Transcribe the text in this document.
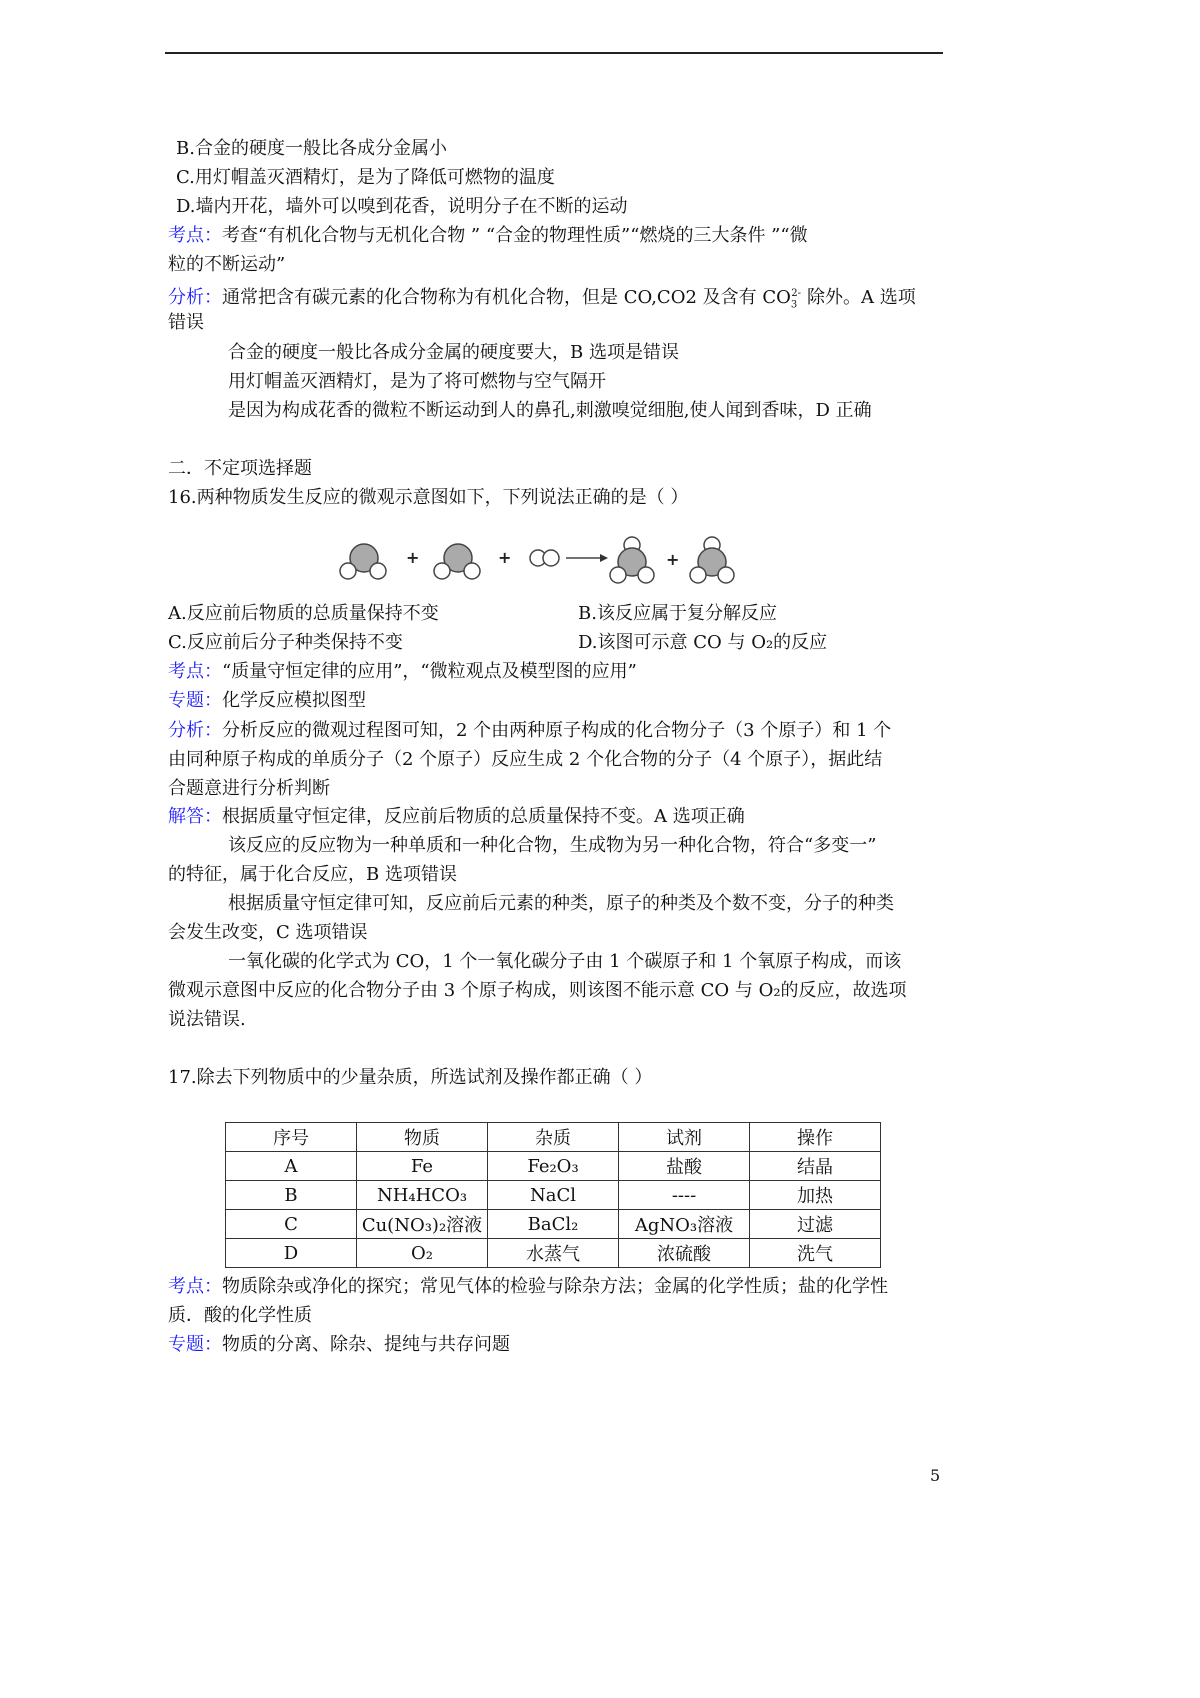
B.合金的硬度一般比各成分金属小
C.用灯帽盖灭酒精灯，是为了降低可燃物的温度
D.墙内开花，墙外可以嗅到花香，说明分子在不断的运动
考点：考查“有机化合物与无机化合物 ” “合金的物理性质”“燃烧的三大条件 ”“微
粒的不断运动”
分析：通常把含有碳元素的化合物称为有机化合物，但是 CO,CO2 及含有 $CO_3^{2-}$ 除外。A 选项
错误
合金的硬度一般比各成分金属的硬度要大，B 选项是错误
用灯帽盖灭酒精灯，是为了将可燃物与空气隔开
是因为构成花香的微粒不断运动到人的鼻孔,刺激嗅觉细胞,使人闻到香味，D 正确
二．不定项选择题
16.两种物质发生反应的微观示意图如下，下列说法正确的是（ ）
+	+	+
A.反应前后物质的总质量保持不变	B.该反应属于复分解反应
C.反应前后分子种类保持不变	D.该图可示意 CO 与 O₂的反应
考点：“质量守恒定律的应用”，“微粒观点及模型图的应用”
专题：化学反应模拟图型
分析：分析反应的微观过程图可知，2 个由两种原子构成的化合物分子（3 个原子）和 1 个
由同种原子构成的单质分子（2 个原子）反应生成 2 个化合物的分子（4 个原子），据此结
合题意进行分析判断
解答：根据质量守恒定律，反应前后物质的总质量保持不变。A 选项正确
该反应的反应物为一种单质和一种化合物，生成物为另一种化合物，符合“多变一”
的特征，属于化合反应，B 选项错误
根据质量守恒定律可知，反应前后元素的种类，原子的种类及个数不变，分子的种类
会发生改变，C 选项错误
一氧化碳的化学式为 CO，1 个一氧化碳分子由 1 个碳原子和 1 个氧原子构成，而该
微观示意图中反应的化合物分子由 3 个原子构成，则该图不能示意 CO 与 O₂的反应，故选项
说法错误.
17.除去下列物质中的少量杂质，所选试剂及操作都正确（ ）
序号	物质	杂质	试剂	操作
A	Fe	Fe₂O₃	盐酸	结晶
B	NH₄HCO₃	NaCl	----	加热
C	Cu(NO₃)₂溶液	BaCl₂	AgNO₃溶液	过滤
D	O₂	水蒸气	浓硫酸	洗气
考点：物质除杂或净化的探究；常见气体的检验与除杂方法；金属的化学性质；盐的化学性
质．酸的化学性质
专题：物质的分离、除杂、提纯与共存问题
5
